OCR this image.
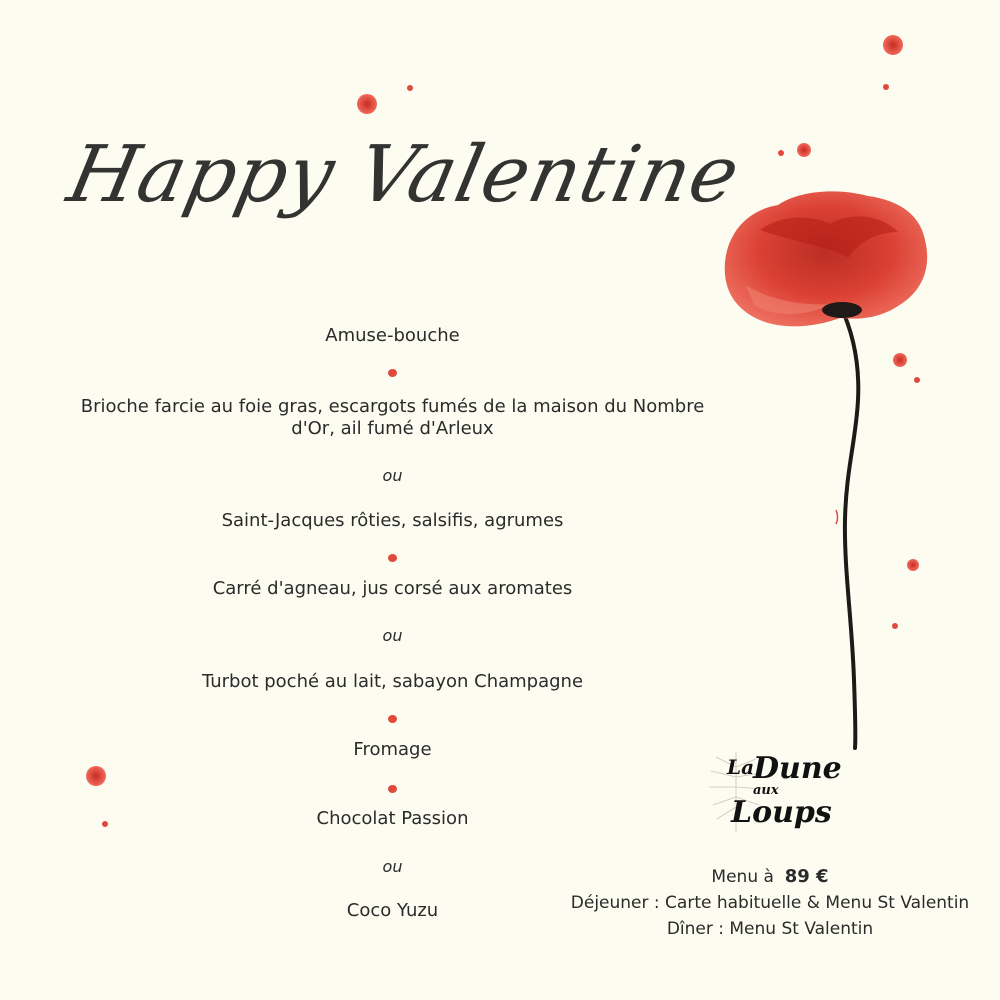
Happy Valentine
Amuse-bouche
Brioche farcie au foie gras, escargots fumés de la maison du Nombre
d'Or, ail fumé d'Arleux
ou
Saint-Jacques rôties, salsifis, agrumes
Carré d'agneau, jus corsé aux aromates
ou
Turbot poché au lait, sabayon Champagne
Fromage
Chocolat Passion
ou
Coco Yuzu
La
Dune
aux
Loups
Menu à 89 €
Déjeuner : Carte habituelle & Menu St Valentin
Dîner : Menu St Valentin
